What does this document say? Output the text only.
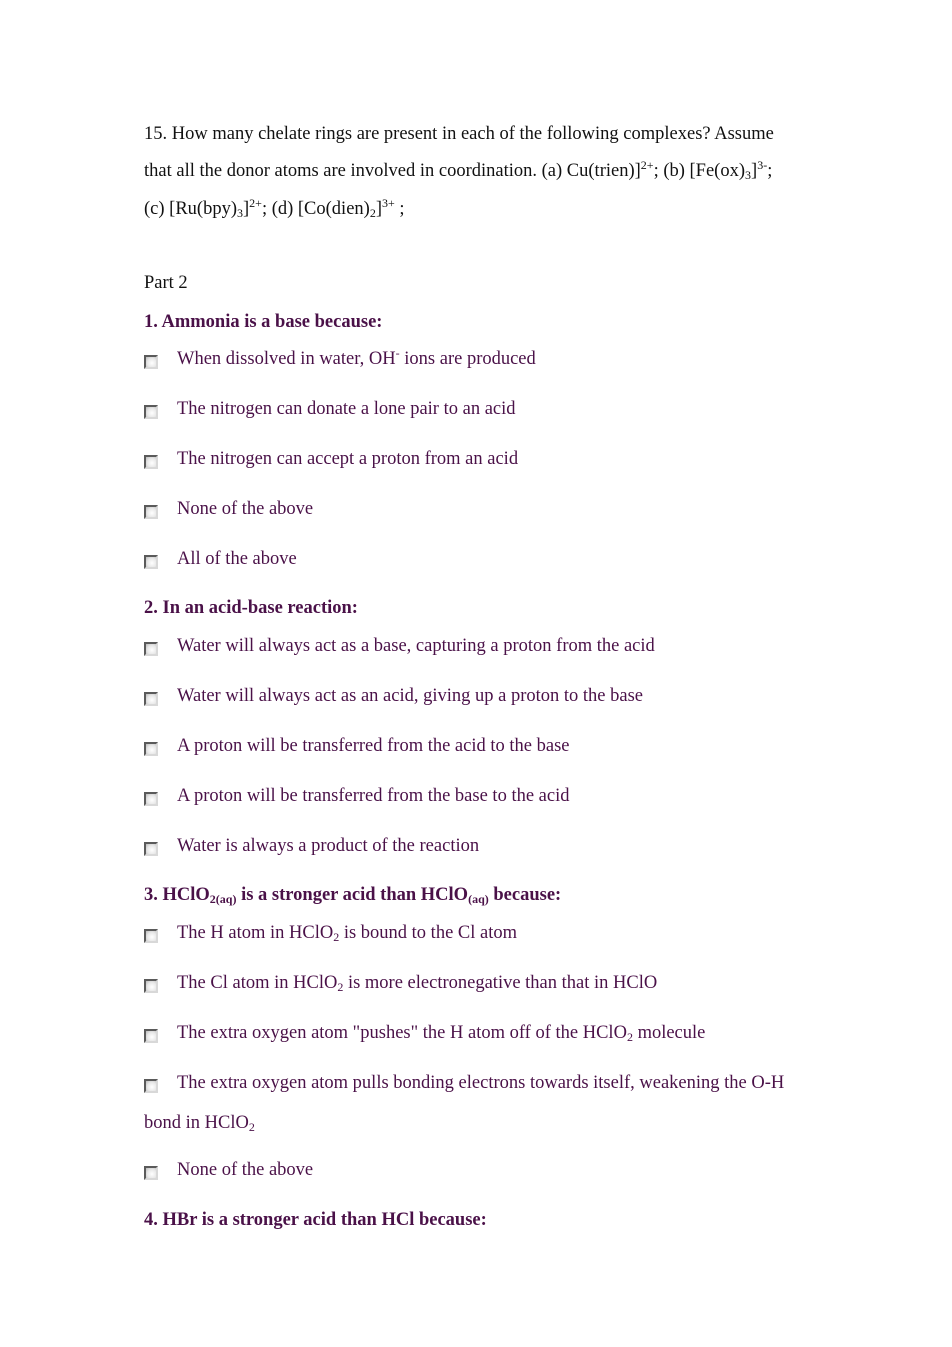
15. How many chelate rings are present in each of the following complexes? Assume
that all the donor atoms are involved in coordination. (a) Cu(trien)]$^{2+}$; (b) $[Fe(ox)_3]^{3-}$;
(c) $[Ru(bpy)_3]^{2+}$; (d) $[Co(dien)_2]^{3+}$ ;
Part 2
1. Ammonia is a base because:
When dissolved in water, OH- ions are produced
The nitrogen can donate a lone pair to an acid
The nitrogen can accept a proton from an acid
None of the above
All of the above
2. In an acid-base reaction:
Water will always act as a base, capturing a proton from the acid
Water will always act as an acid, giving up a proton to the base
A proton will be transferred from the acid to the base
A proton will be transferred from the base to the acid
Water is always a product of the reaction
3. HClO$_{2(aq)}$ is a stronger acid than HClO$_{(aq)}$ because:
The H atom in HClO$_2$ is bound to the Cl atom
The Cl atom in HClO$_2$ is more electronegative than that in HClO
The extra oxygen atom "pushes" the H atom off of the HClO$_2$ molecule
The extra oxygen atom pulls bonding electrons towards itself, weakening the O-H
bond in HClO$_2$
None of the above
4. HBr is a stronger acid than HCl because:
